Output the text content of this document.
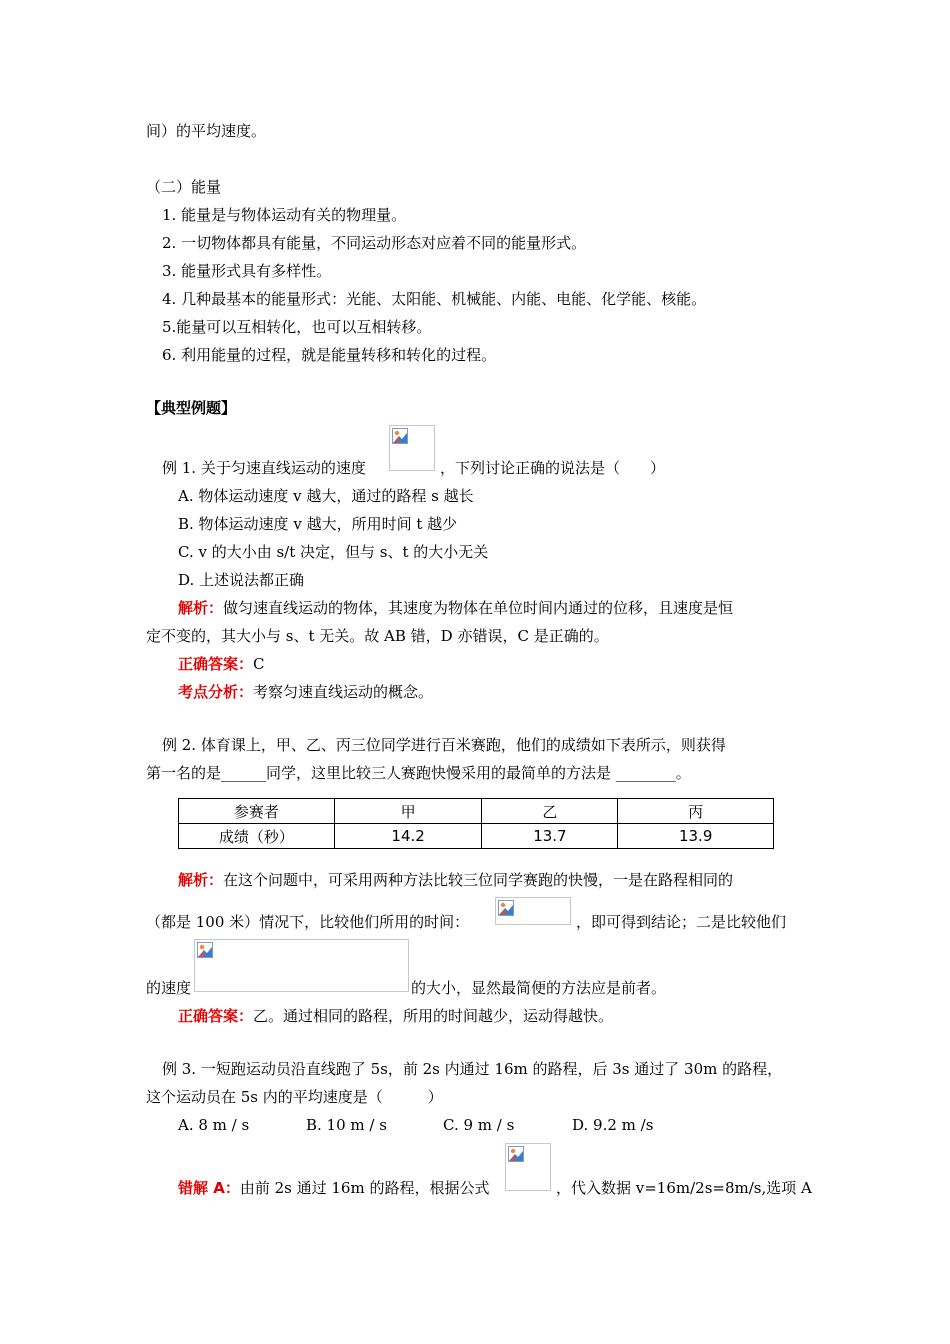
间）的平均速度。
（二）能量
1. 能量是与物体运动有关的物理量。
2. 一切物体都具有能量，不同运动形态对应着不同的能量形式。
3. 能量形式具有多样性。
4. 几种最基本的能量形式：光能、太阳能、机械能、内能、电能、化学能、核能。
5.能量可以互相转化，也可以互相转移。
6. 利用能量的过程，就是能量转移和转化的过程。
【典型例题】
例 1. 关于匀速直线运动的速度	，下列讨论正确的说法是（　　）
A. 物体运动速度 v 越大，通过的路程 s 越长
B. 物体运动速度 v 越大，所用时间 t 越少
C. v 的大小由 s/t 决定，但与 s、t 的大小无关
D. 上述说法都正确
解析：做匀速直线运动的物体，其速度为物体在单位时间内通过的位移，且速度是恒
定不变的，其大小与 s、t 无关。故 AB 错，D 亦错误，C 是正确的。
正确答案：C
考点分析：考察匀速直线运动的概念。
例 2. 体育课上，甲、乙、丙三位同学进行百米赛跑，他们的成绩如下表所示，则获得
第一名的是______同学，这里比较三人赛跑快慢采用的最简单的方法是 ________。
参赛者	甲	乙	丙
成绩（秒）	14.2	13.7	13.9
解析：在这个问题中，可采用两种方法比较三位同学赛跑的快慢，一是在路程相同的
（都是 100 米）情况下，比较他们所用的时间：	，即可得到结论；二是比较他们
的速度	的大小，显然最简便的方法应是前者。
正确答案：乙。通过相同的路程，所用的时间越少，运动得越快。
例 3. 一短跑运动员沿直线跑了 5s，前 2s 内通过 16m 的路程，后 3s 通过了 30m 的路程，
这个运动员在 5s 内的平均速度是（　　　）
A. 8 m / s	B. 10 m / s	C. 9 m / s	D. 9.2 m /s
错解 A：由前 2s 通过 16m 的路程，根据公式	，代入数据 v=16m/2s=8m/s,选项 A
